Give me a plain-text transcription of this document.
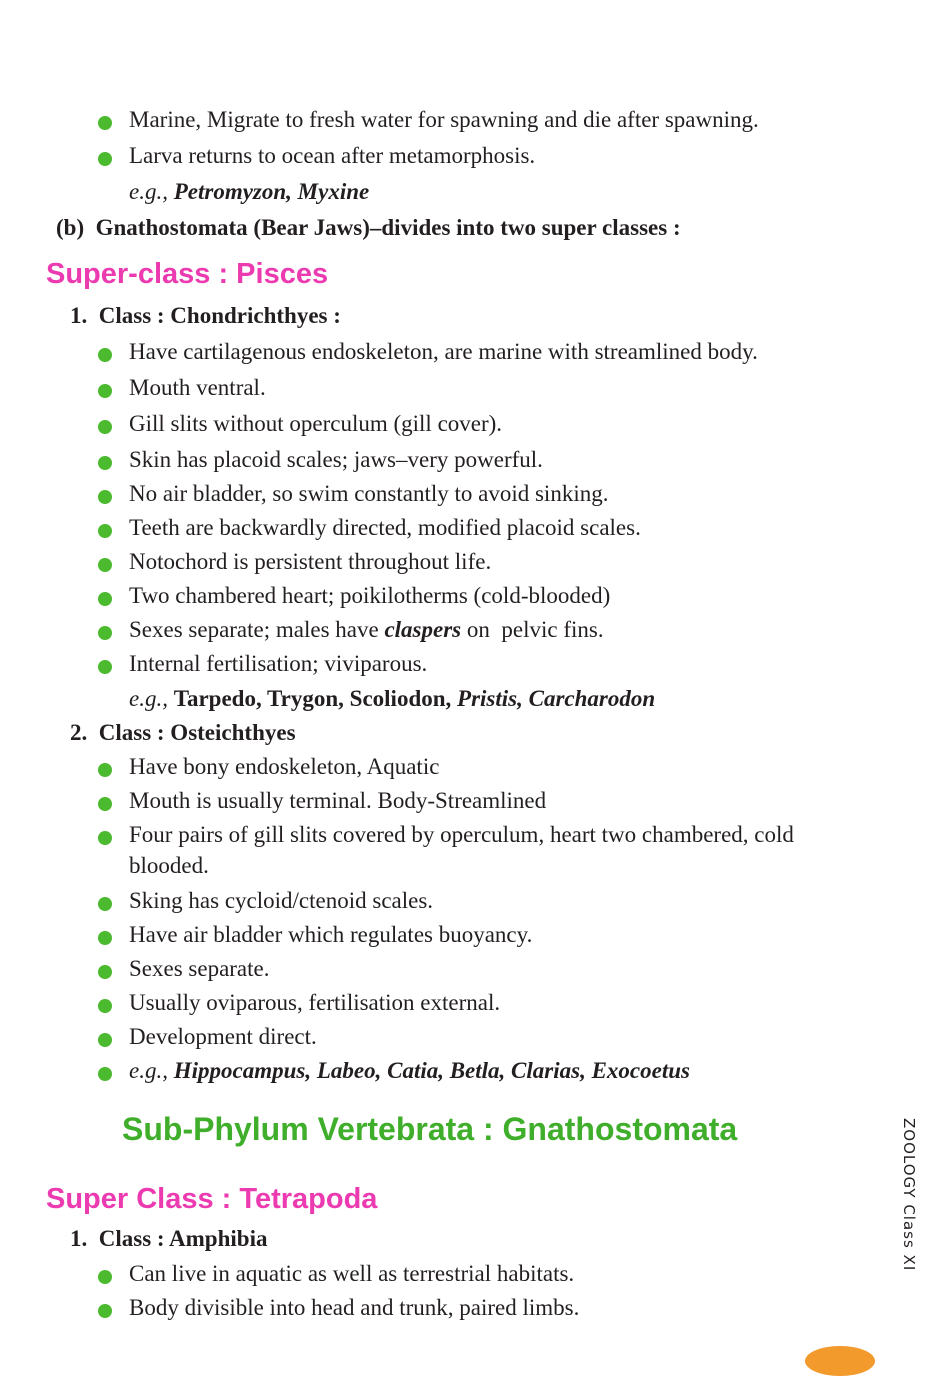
Marine, Migrate to fresh water for spawning and die after spawning.
Larva returns to ocean after metamorphosis.
e.g., Petromyzon, Myxine
(b)  Gnathostomata (Bear Jaws)–divides into two super classes :
Super-class : Pisces
1.  Class : Chondrichthyes :
Have cartilagenous endoskeleton, are marine with streamlined body.
Mouth ventral.
Gill slits without operculum (gill cover).
Skin has placoid scales; jaws–very powerful.
No air bladder, so swim constantly to avoid sinking.
Teeth are backwardly directed, modified placoid scales.
Notochord is persistent throughout life.
Two chambered heart; poikilotherms (cold-blooded)
Sexes separate; males have claspers on  pelvic fins.
Internal fertilisation; viviparous.
e.g., Tarpedo, Trygon, Scoliodon, Pristis, Carcharodon
2.  Class : Osteichthyes
Have bony endoskeleton, Aquatic
Mouth is usually terminal. Body-Streamlined
Four pairs of gill slits covered by operculum, heart two chambered, cold blooded.
Sking has cycloid/ctenoid scales.
Have air bladder which regulates buoyancy.
Sexes separate.
Usually oviparous, fertilisation external.
Development direct.
e.g., Hippocampus, Labeo, Catia, Betla, Clarias, Exocoetus
Sub-Phylum Vertebrata : Gnathostomata
Super Class : Tetrapoda
1.  Class : Amphibia
Can live in aquatic as well as terrestrial habitats.
Body divisible into head and trunk, paired limbs.
ZOOLOGY Class XI
